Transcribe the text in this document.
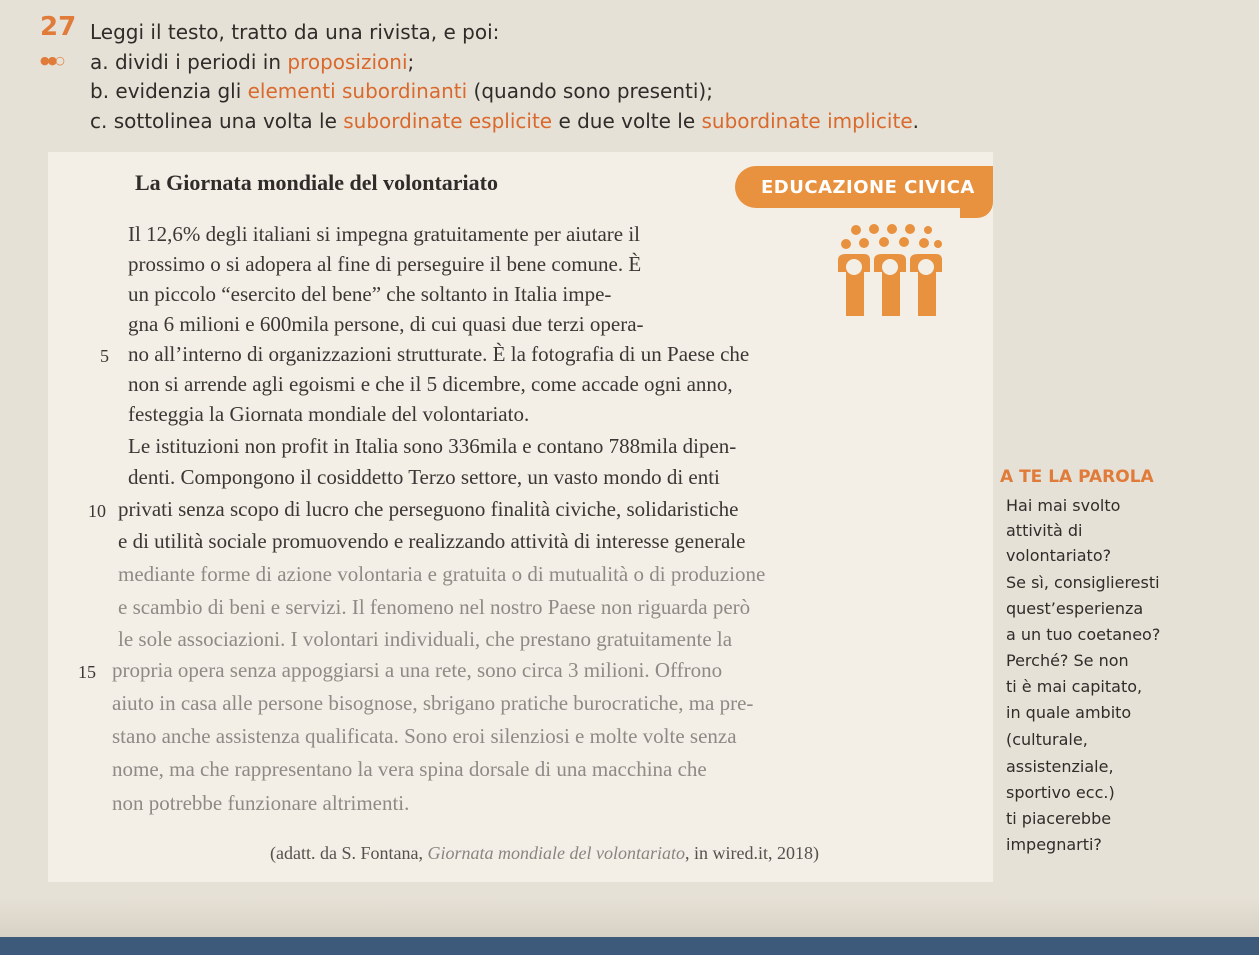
27
●●○
Leggi il testo, tratto da una rivista, e poi:
a. dividi i periodi in proposizioni;
b. evidenzia gli elementi subordinanti (quando sono presenti);
c. sottolinea una volta le subordinate esplicite e due volte le subordinate implicite.
EDUCAZIONE CIVICA
La Giornata mondiale del volontariato
Il 12,6% degli italiani si impegna gratuitamente per aiutare il
prossimo o si adopera al fine di perseguire il bene comune. È
un piccolo “esercito del bene” che soltanto in Italia impe-
gna 6 milioni e 600mila persone, di cui quasi due terzi opera-
5 no all’interno di organizzazioni strutturate. È la fotografia di un Paese che
non si arrende agli egoismi e che il 5 dicembre, come accade ogni anno,
festeggia la Giornata mondiale del volontariato.
Le istituzioni non profit in Italia sono 336mila e contano 788mila dipen-
denti. Compongono il cosiddetto Terzo settore, un vasto mondo di enti
10 privati senza scopo di lucro che perseguono finalità civiche, solidaristiche
e di utilità sociale promuovendo e realizzando attività di interesse generale
mediante forme di azione volontaria e gratuita o di mutualità o di produzione
e scambio di beni e servizi. Il fenomeno nel nostro Paese non riguarda però
le sole associazioni. I volontari individuali, che prestano gratuitamente la
15 propria opera senza appoggiarsi a una rete, sono circa 3 milioni. Offrono
aiuto in casa alle persone bisognose, sbrigano pratiche burocratiche, ma pre-
stano anche assistenza qualificata. Sono eroi silenziosi e molte volte senza
nome, ma che rappresentano la vera spina dorsale di una macchina che
non potrebbe funzionare altrimenti.
(adatt. da S. Fontana, Giornata mondiale del volontariato, in wired.it, 2018)
A TE LA PAROLA
Hai mai svolto
attività di
volontariato?
Se sì, consiglieresti
quest’esperienza
a un tuo coetaneo?
Perché? Se non
ti è mai capitato,
in quale ambito
(culturale,
assistenziale,
sportivo ecc.)
ti piacerebbe
impegnarti?
